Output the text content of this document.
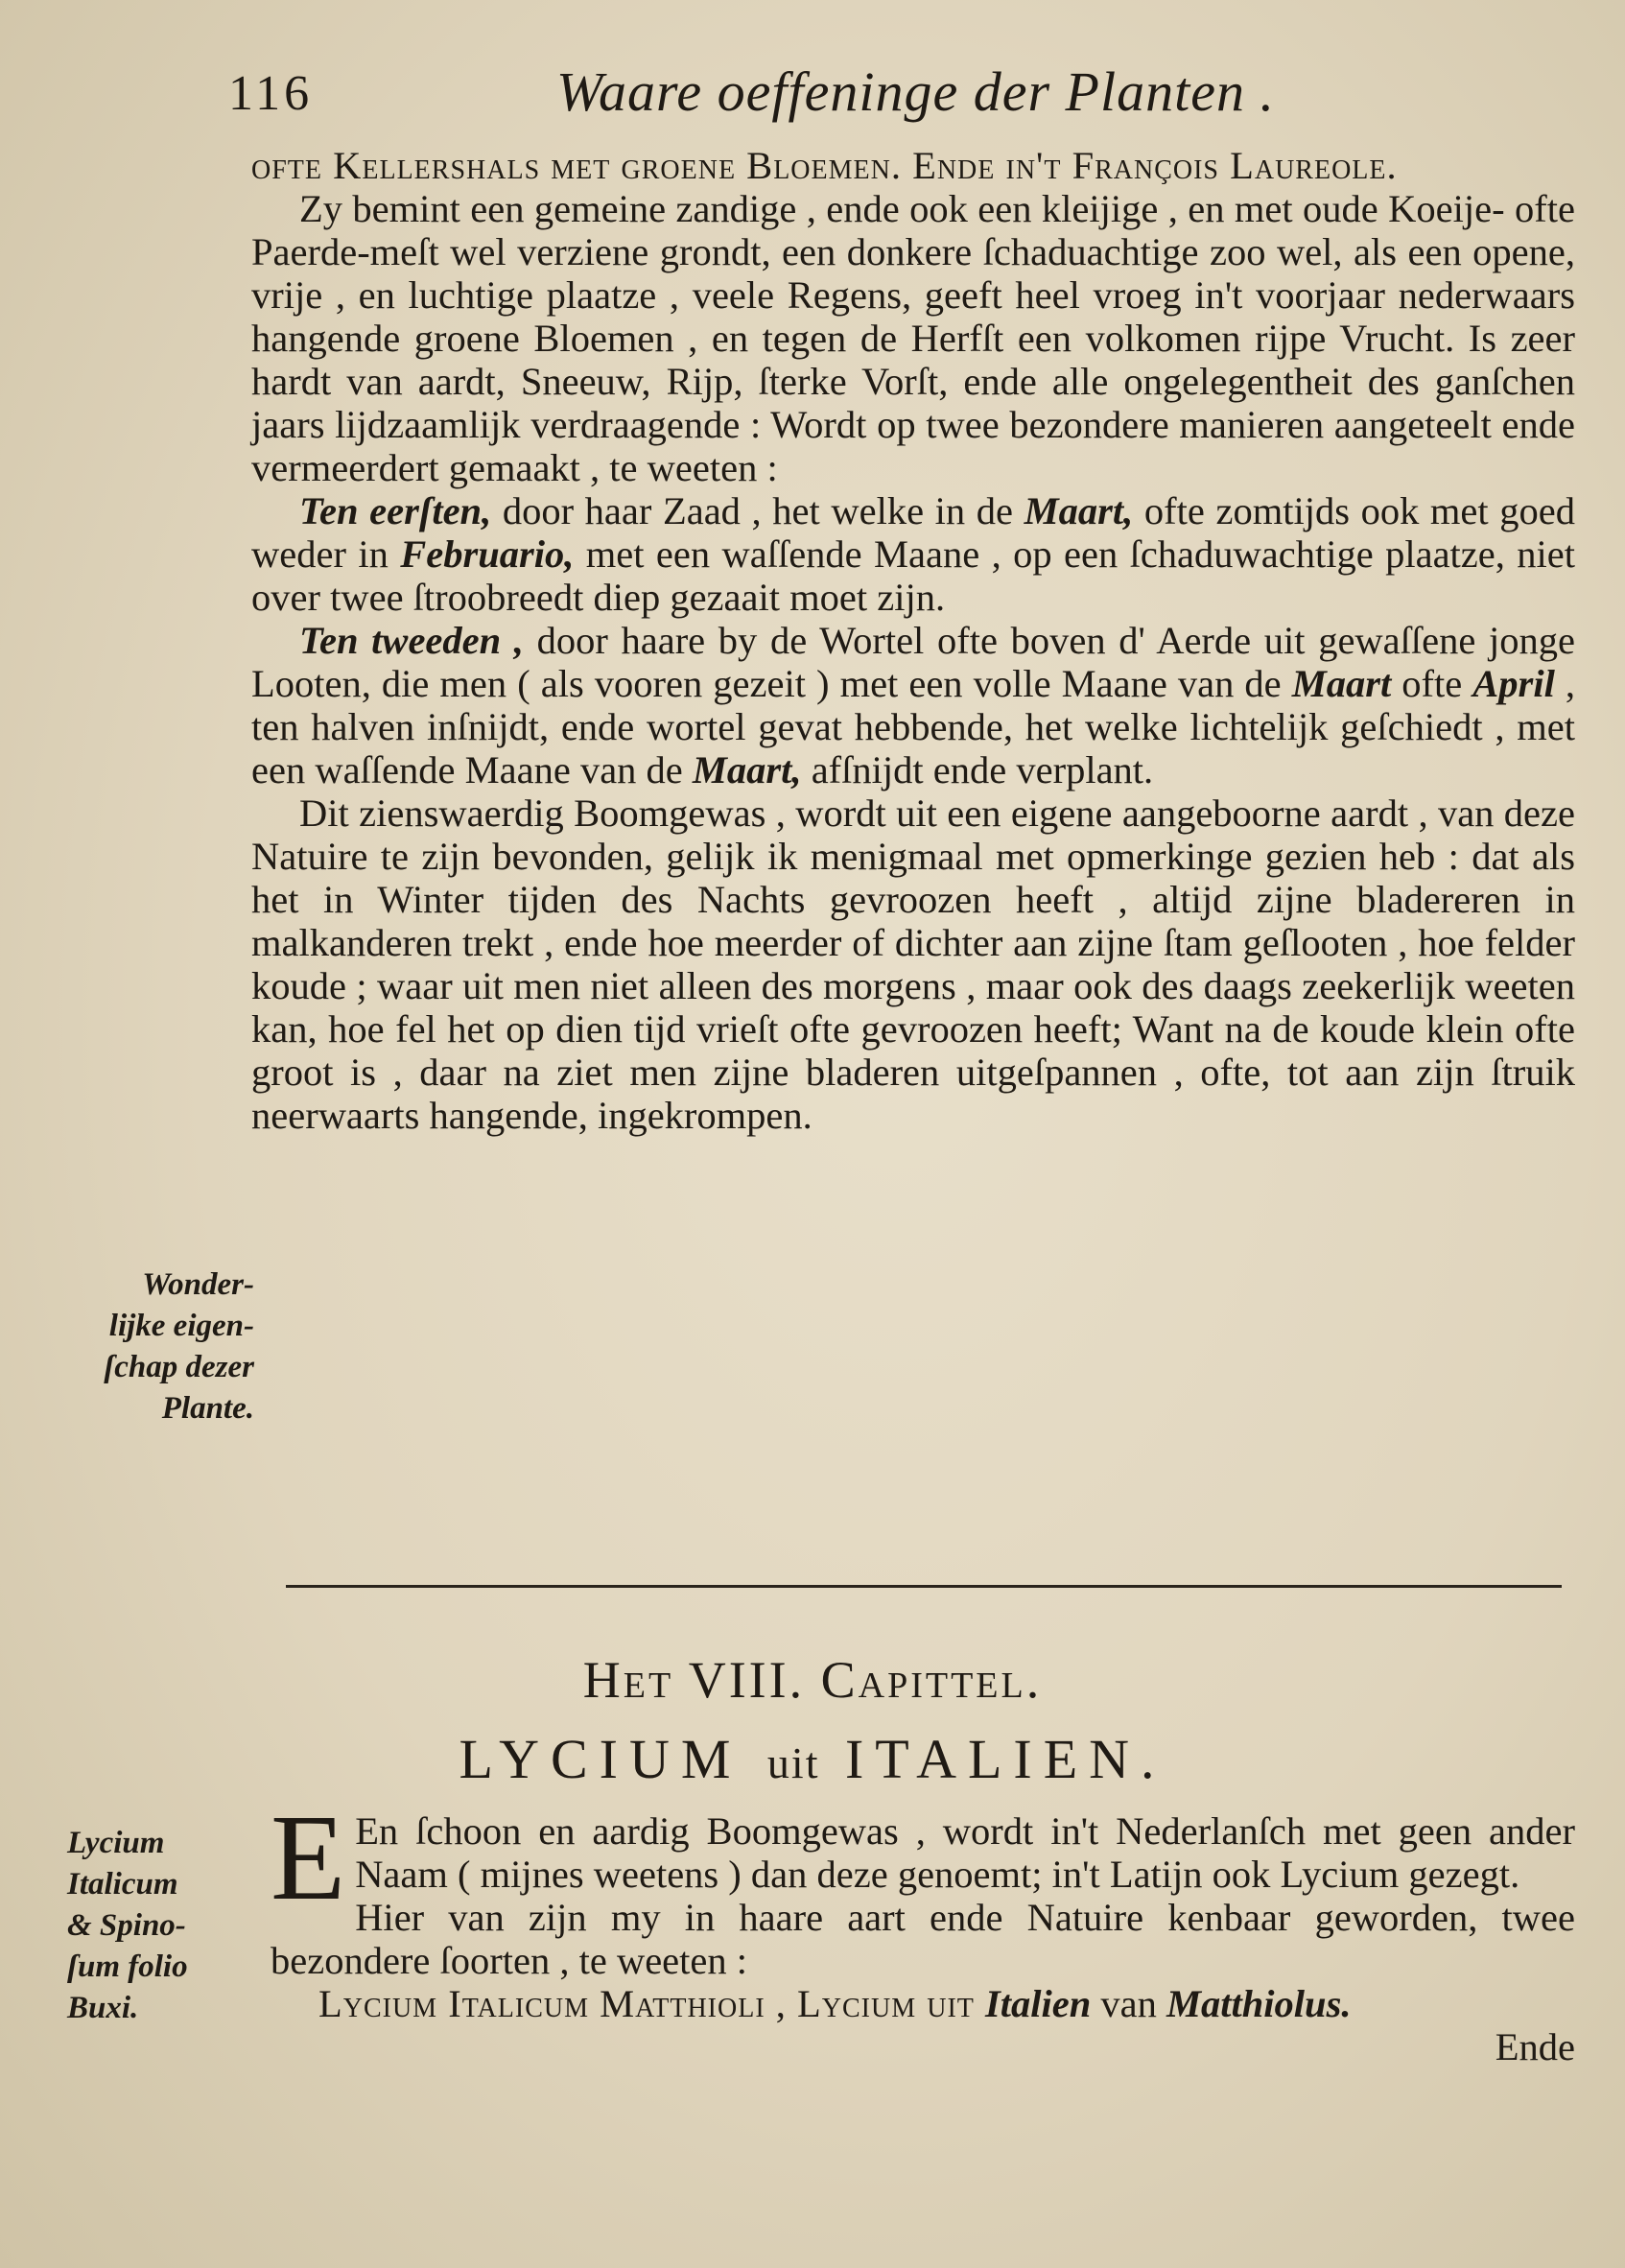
116	Waare oeffeninge der Planten .

ofte Kellershals met groene Bloemen. Ende in't François Laureole.

Zy bemint een gemeine zandige , ende ook een kleijige , en met oude Koeije- ofte Paerde-meſt wel verziene grondt, een donkere ſchaduachtige zoo wel, als een opene, vrije , en luchtige plaatze , veele Regens, geeft heel vroeg in't voorjaar nederwaars hangende groene Bloemen , en tegen de Herfſt een volkomen rijpe Vrucht. Is zeer hardt van aardt, Sneeuw, Rijp, ſterke Vorſt, ende alle ongelegentheit des ganſchen jaars lijdzaamlijk verdraagende : Wordt op twee bezondere manieren aangeteelt ende vermeerdert gemaakt , te weeten :

Ten eerſten, door haar Zaad , het welke in de Maart, ofte zomtijds ook met goed weder in Februario, met een waſſende Maane , op een ſchaduwachtige plaatze, niet over twee ſtroobreedt diep gezaait moet zijn.

Ten tweeden , door haare by de Wortel ofte boven d' Aerde uit gewaſſene jonge Looten, die men ( als vooren gezeit ) met een volle Maane van de Maart ofte April , ten halven inſnijdt, ende wortel gevat hebbende, het welke lichtelijk geſchiedt , met een waſſende Maane van de Maart, afſnijdt ende verplant.

Dit zienswaerdig Boomgewas , wordt uit een eigene aangeboorne aardt , van deze Natuire te zijn bevonden, gelijk ik menigmaal met opmerkinge gezien heb : dat als het in Winter tijden des Nachts gevroozen heeft , altijd zijne bladereren in malkanderen trekt , ende hoe meerder of dichter aan zijne ſtam geſlooten , hoe felder koude ; waar uit men niet alleen des morgens , maar ook des daags zeekerlijk weeten kan, hoe fel het op dien tijd vrieſt ofte gevroozen heeft; Want na de koude klein ofte groot is , daar na ziet men zijne bladeren uitgeſpannen , ofte, tot aan zijn ſtruik neerwaarts hangende, ingekrompen.

Wonder-
lijke eigen-
ſchap dezer
Plante.
Het VIII. Capittel.
LYCIUM uit ITALIEN.
Lycium
Italicum
& Spino-
ſum folio
Buxi.

E En ſchoon en aardig Boomgewas , wordt in't Nederlanſch met geen ander Naam ( mijnes weetens ) dan deze genoemt; in't Latijn ook Lycium gezegt.

Hier van zijn my in haare aart ende Natuire kenbaar geworden, twee bezondere ſoorten , te weeten :

Lycium Italicum Matthioli , Lycium uit Italien van Matthiolus.

Ende
